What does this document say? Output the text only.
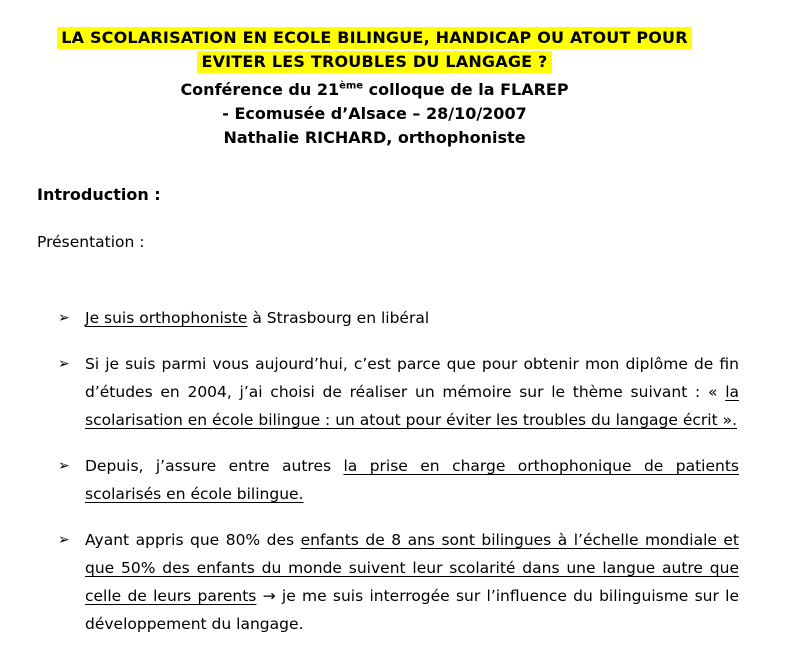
LA SCOLARISATION EN ECOLE BILINGUE, HANDICAP OU ATOUT POUR
EVITER LES TROUBLES DU LANGAGE ?
Conférence du 21ème colloque de la FLAREP
- Ecomusée d’Alsace – 28/10/2007
Nathalie RICHARD, orthophoniste
Introduction :
Présentation :
➢ Je suis orthophoniste à Strasbourg en libéral
➢ Si je suis parmi vous aujourd’hui, c’est parce que pour obtenir mon diplôme de fin d’études en 2004, j’ai choisi de réaliser un mémoire sur le thème suivant : « la scolarisation en école bilingue : un atout pour éviter les troubles du langage écrit ».
➢ Depuis, j’assure entre autres la prise en charge orthophonique de patients scolarisés en école bilingue.
➢ Ayant appris que 80% des enfants de 8 ans sont bilingues à l’échelle mondiale et que 50% des enfants du monde suivent leur scolarité dans une langue autre que celle de leurs parents → je me suis interrogée sur l’influence du bilinguisme sur le développement du langage.
